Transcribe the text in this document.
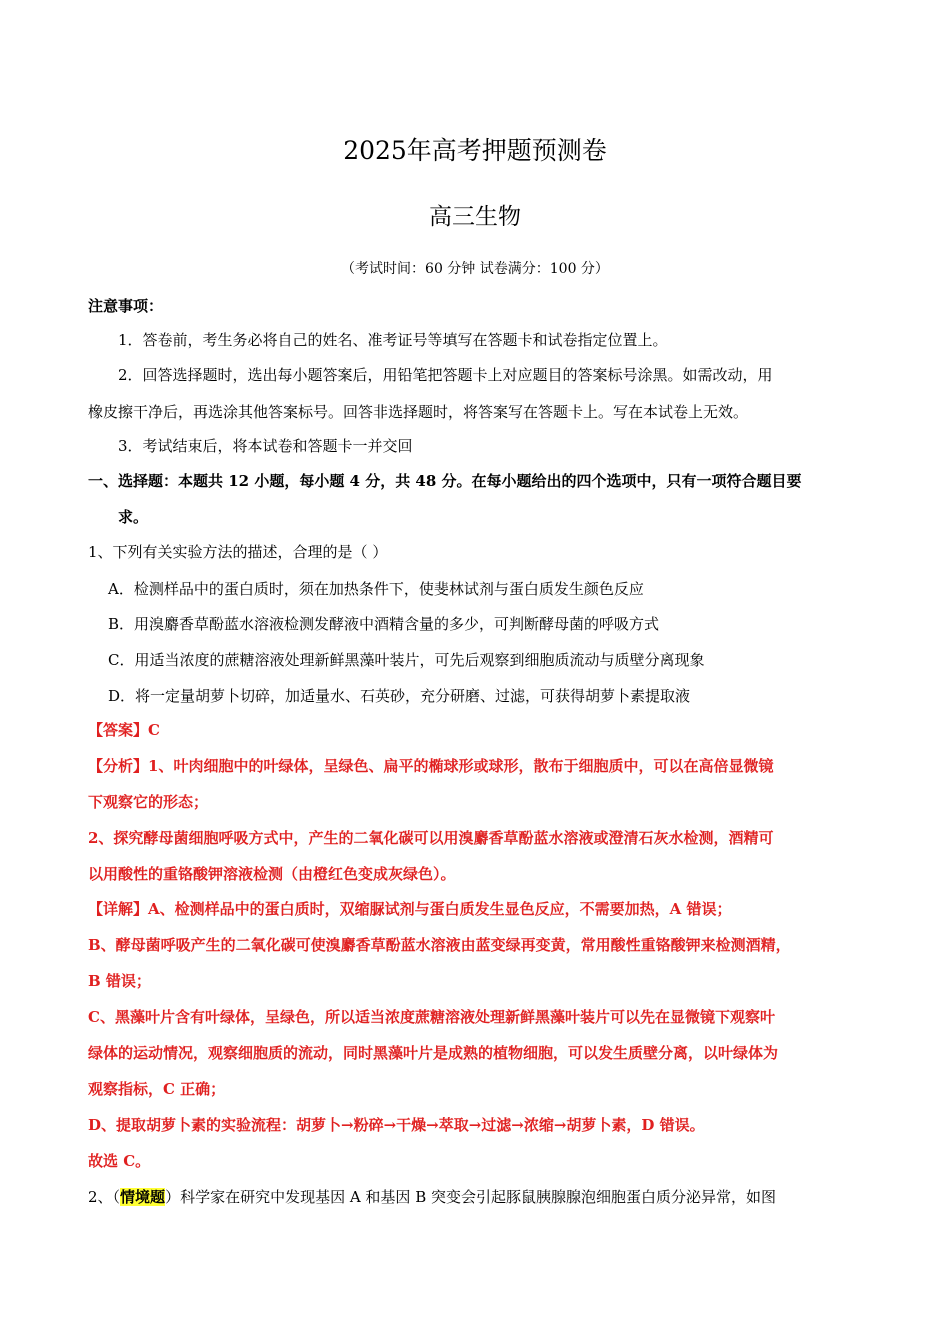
2025年高考押题预测卷
高三生物
（考试时间：60 分钟 试卷满分：100 分）
注意事项：
1．答卷前，考生务必将自己的姓名、准考证号等填写在答题卡和试卷指定位置上。
2．回答选择题时，选出每小题答案后，用铅笔把答题卡上对应题目的答案标号涂黑。如需改动，用
橡皮擦干净后，再选涂其他答案标号。回答非选择题时，将答案写在答题卡上。写在本试卷上无效。
3．考试结束后，将本试卷和答题卡一并交回
一、选择题：本题共 12 小题，每小题 4 分，共 48 分。在每小题给出的四个选项中，只有一项符合题目要
求。
1、下列有关实验方法的描述，合理的是（ ）
A．检测样品中的蛋白质时，须在加热条件下，使斐林试剂与蛋白质发生颜色反应
B．用溴麝香草酚蓝水溶液检测发酵液中酒精含量的多少，可判断酵母菌的呼吸方式
C．用适当浓度的蔗糖溶液处理新鲜黑藻叶装片，可先后观察到细胞质流动与质壁分离现象
D．将一定量胡萝卜切碎，加适量水、石英砂，充分研磨、过滤，可获得胡萝卜素提取液
【答案】C
【分析】1、叶肉细胞中的叶绿体，呈绿色、扁平的椭球形或球形，散布于细胞质中，可以在高倍显微镜
下观察它的形态；
2、探究酵母菌细胞呼吸方式中，产生的二氧化碳可以用溴麝香草酚蓝水溶液或澄清石灰水检测，酒精可
以用酸性的重铬酸钾溶液检测（由橙红色变成灰绿色）。
【详解】A、检测样品中的蛋白质时，双缩脲试剂与蛋白质发生显色反应，不需要加热，A 错误；
B、酵母菌呼吸产生的二氧化碳可使溴麝香草酚蓝水溶液由蓝变绿再变黄，常用酸性重铬酸钾来检测酒精，
B 错误；
C、黑藻叶片含有叶绿体，呈绿色，所以适当浓度蔗糖溶液处理新鲜黑藻叶装片可以先在显微镜下观察叶
绿体的运动情况，观察细胞质的流动，同时黑藻叶片是成熟的植物细胞，可以发生质壁分离，以叶绿体为
观察指标，C 正确；
D、提取胡萝卜素的实验流程：胡萝卜→粉碎→干燥→萃取→过滤→浓缩→胡萝卜素，D 错误。
故选 C。
2、（情境题）科学家在研究中发现基因 A 和基因 B 突变会引起豚鼠胰腺腺泡细胞蛋白质分泌异常，如图
